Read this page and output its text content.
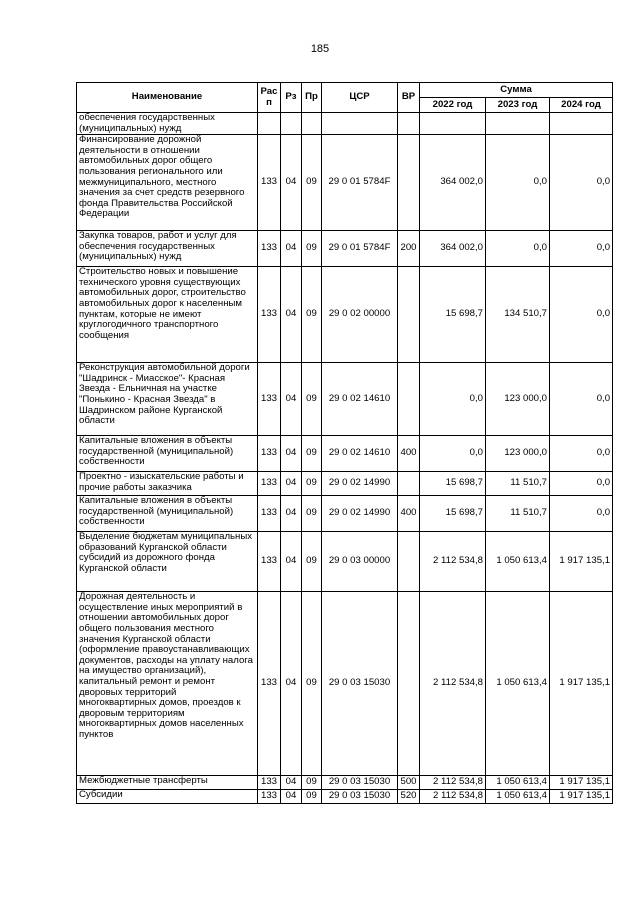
185
Наименование	Рас п	Рз	Пр	ЦСР	ВР	Сумма		
						2022 год	2023 год	2024 год
обеспечения государственных (муниципальных) нужд								
Финансирование дорожной деятельности в отношении автомобильных дорог общего пользования регионального или межмуниципального, местного значения за счет средств резервного фонда Правительства Российской Федерации	133	04	09	29 0 01 5784F		364 002,0	0,0	0,0
Закупка товаров, работ и услуг для обеспечения государственных (муниципальных) нужд	133	04	09	29 0 01 5784F	200	364 002,0	0,0	0,0
Строительство новых и повышение технического уровня существующих автомобильных дорог, строительство автомобильных дорог к населенным пунктам, которые не имеют круглогодичного транспортного сообщения	133	04	09	29 0 02 00000		15 698,7	134 510,7	0,0
Реконструкция автомобильной дороги "Шадринск - Миасское"- Красная Звезда - Ельничная на участке "Понькино - Красная Звезда" в Шадринском районе Курганской области	133	04	09	29 0 02 14610		0,0	123 000,0	0,0
Капитальные вложения в объекты государственной (муниципальной) собственности	133	04	09	29 0 02 14610	400	0,0	123 000,0	0,0
Проектно - изыскательские работы и прочие работы заказчика	133	04	09	29 0 02 14990		15 698,7	11 510,7	0,0
Капитальные вложения в объекты государственной (муниципальной) собственности	133	04	09	29 0 02 14990	400	15 698,7	11 510,7	0,0
Выделение бюджетам муниципальных образований Курганской области субсидий из дорожного фонда Курганской области	133	04	09	29 0 03 00000		2 112 534,8	1 050 613,4	1 917 135,1
Дорожная деятельность и осуществление иных мероприятий в отношении автомобильных дорог общего пользования местного значения Курганской области (оформление правоустанавливающих документов, расходы на уплату налога на имущество организаций), капитальный ремонт и ремонт дворовых территорий многоквартирных домов, проездов к дворовым территориям многоквартирных домов населенных пунктов	133	04	09	29 0 03 15030		2 112 534,8	1 050 613,4	1 917 135,1
Межбюджетные трансферты	133	04	09	29 0 03 15030	500	2 112 534,8	1 050 613,4	1 917 135,1
Субсидии	133	04	09	29 0 03 15030	520	2 112 534,8	1 050 613,4	1 917 135,1
